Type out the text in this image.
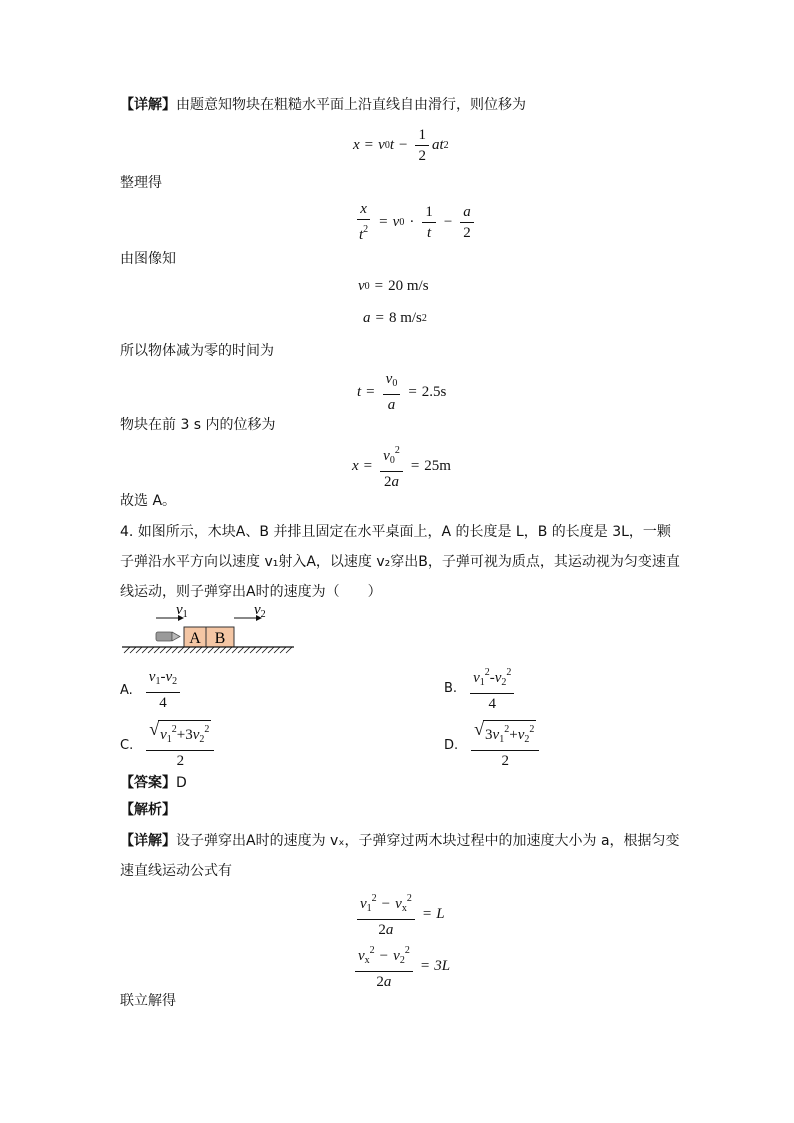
【详解】由题意知物块在粗糙水平面上沿直线自由滑行，则位移为
x = v 0 $t - \frac{1}{2}$ at 2
整理得
$\frac{x}{t^2} = v$ $0 \cdot \frac{1}{t} - \frac{a}{2}$
由图像知
v 0 = 20 m/s
a = 8 m/s 2
所以物体减为零的时间为
$t = \frac{v_0}{a} = 2.5s$
物块在前 3 s 内的位移为
$x = \frac{v_0^2}{2a} = 25m$
故选 A。
4. 如图所示，木块A、B 并排且固定在水平桌面上，A 的长度是 L，B 的长度是 3L，一颗子弹沿水平方向以速度 v₁射入A，以速度 v₂穿出B，子弹可视为质点，其运动视为匀变速直线运动，则子弹穿出A时的速度为（　　）
$v_1$	$v_2$
A B
A. $\frac{v_1-v_2}{4}$	B. $\frac{v_1^2-v_2^2}{4}$
C. $\frac{√ v_1^2+3v_2^2}{2}$	D. $\frac{√ 3v_1^2+v_2^2}{2}$
【答案】D
【解析】
【详解】设子弹穿出A时的速度为 vₓ，子弹穿过两木块过程中的加速度大小为 a，根据匀变速直线运动公式有
$\frac{v_1^2 - v_x^2}{2a} = L$
$\frac{v_x^2 - v_2^2}{2a} = 3L$
联立解得
